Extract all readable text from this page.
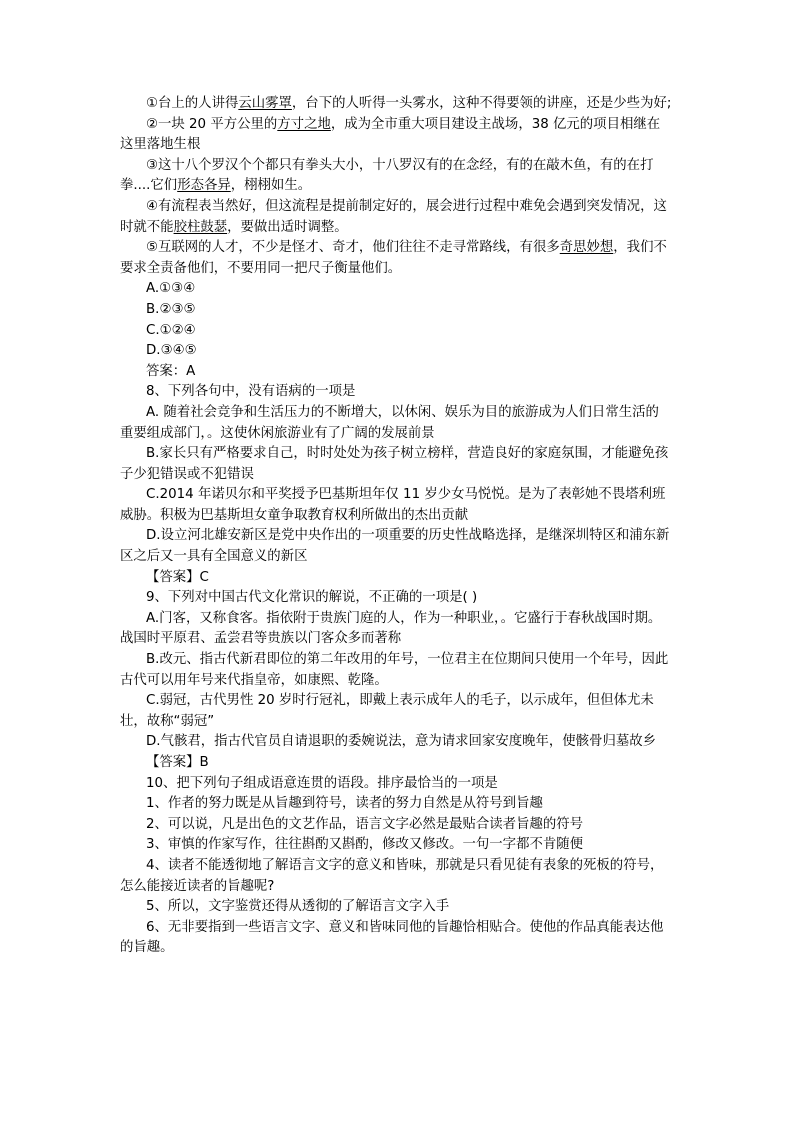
①台上的人讲得云山雾罩，台下的人听得一头雾水，这种不得要领的讲座，还是少些为好;

②一块 20 平方公里的方寸之地，成为全市重大项目建设主战场，38 亿元的项目相继在这里落地生根

③这十八个罗汉个个都只有拳头大小，十八罗汉有的在念经，有的在敲木鱼，有的在打拳....它们形态各异，栩栩如生。

④有流程表当然好，但这流程是提前制定好的，展会进行过程中难免会遇到突发情况，这时就不能胶柱鼓瑟，要做出适时调整。

⑤互联网的人才，不少是怪才、奇才，他们往往不走寻常路线，有很多奇思妙想，我们不要求全责备他们，不要用同一把尺子衡量他们。

A.①③④

B.②③⑤

C.①②④

D.③④⑤

答案：A

8、下列各句中，没有语病的一项是

A. 随着社会竞争和生活压力的不断增大，以休闲、娱乐为目的旅游成为人们日常生活的重要组成部门，。这使休闲旅游业有了广阔的发展前景

B.家长只有严格要求自己，时时处处为孩子树立榜样，营造良好的家庭氛围，才能避免孩子少犯错误或不犯错误

C.2014 年诺贝尔和平奖授予巴基斯坦年仅 11 岁少女马悦悦。是为了表彰她不畏塔利班威胁。积极为巴基斯坦女童争取教育权利所做出的杰出贡献

D.设立河北雄安新区是党中央作出的一项重要的历史性战略选择，是继深圳特区和浦东新区之后又一具有全国意义的新区

【答案】C

9、下列对中国古代文化常识的解说，不正确的一项是( )

A.门客，又称食客。指依附于贵族门庭的人，作为一种职业，。它盛行于春秋战国时期。战国时平原君、孟尝君等贵族以门客众多而著称

B.改元、指古代新君即位的第二年改用的年号，一位君主在位期间只使用一个年号，因此古代可以用年号来代指皇帝，如康熙、乾隆。

C.弱冠，古代男性 20 岁时行冠礼，即戴上表示成年人的毛子，以示成年，但但体尤未壮，故称“弱冠”

D.气骸君，指古代官员自请退职的委婉说法，意为请求回家安度晚年，使骸骨归墓故乡

【答案】B

10、把下列句子组成语意连贯的语段。排序最恰当的一项是

1、作者的努力既是从旨趣到符号，读者的努力自然是从符号到旨趣

2、可以说，凡是出色的文艺作品，语言文字必然是最贴合读者旨趣的符号

3、审慎的作家写作，往往斟酌又斟酌，修改又修改。一句一字都不肯随便

4、读者不能透彻地了解语言文字的意义和皆味，那就是只看见徒有表象的死板的符号，怎么能接近读者的旨趣呢?

5、所以，文字鉴赏还得从透彻的了解语言文字入手

6、无非要指到一些语言文字、意义和皆味同他的旨趣恰相贴合。使他的作品真能表达他的旨趣。
